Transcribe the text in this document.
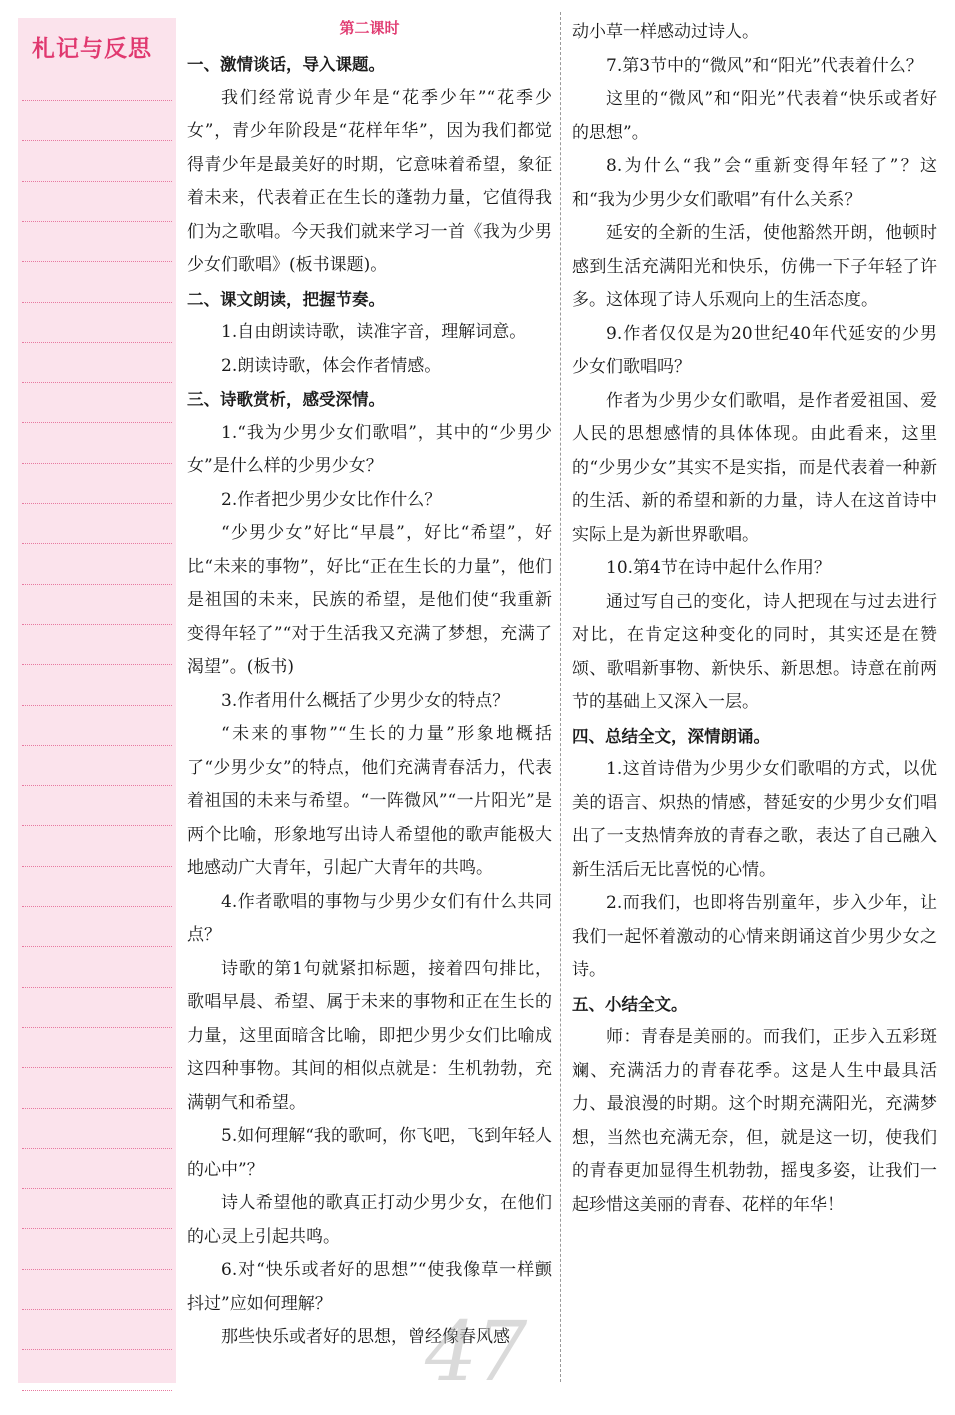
札记与反思

第二课时

一、激情谈话，导入课题。

我们经常说青少年是“花季少年”“花季少女”，青少年阶段是“花样年华”，因为我们都觉得青少年是最美好的时期，它意味着希望，象征着未来，代表着正在生长的蓬勃力量，它值得我们为之歌唱。今天我们就来学习一首《我为少男少女们歌唱》(板书课题)。

二、课文朗读，把握节奏。

1.自由朗读诗歌，读准字音，理解词意。

2.朗读诗歌，体会作者情感。

三、诗歌赏析，感受深情。

1.“我为少男少女们歌唱”，其中的“少男少女”是什么样的少男少女？

2.作者把少男少女比作什么？

“少男少女”好比“早晨”，好比“希望”，好比“未来的事物”，好比“正在生长的力量”，他们是祖国的未来，民族的希望，是他们使“我重新变得年轻了”“对于生活我又充满了梦想，充满了渴望”。(板书)

3.作者用什么概括了少男少女的特点？

“未来的事物”“生长的力量”形象地概括了“少男少女”的特点，他们充满青春活力，代表着祖国的未来与希望。“一阵微风”“一片阳光”是两个比喻，形象地写出诗人希望他的歌声能极大地感动广大青年，引起广大青年的共鸣。

4.作者歌唱的事物与少男少女们有什么共同点？

诗歌的第1句就紧扣标题，接着四句排比，歌唱早晨、希望、属于未来的事物和正在生长的力量，这里面暗含比喻，即把少男少女们比喻成这四种事物。其间的相似点就是：生机勃勃，充满朝气和希望。

5.如何理解“我的歌呵，你飞吧，飞到年轻人的心中”？

诗人希望他的歌真正打动少男少女，在他们的心灵上引起共鸣。

6.对“快乐或者好的思想”“使我像草一样颤抖过”应如何理解？

那些快乐或者好的思想，曾经像春风感

动小草一样感动过诗人。

7.第3节中的“微风”和“阳光”代表着什么？

这里的“微风”和“阳光”代表着“快乐或者好的思想”。

8.为什么“我”会“重新变得年轻了”？这和“我为少男少女们歌唱”有什么关系？

延安的全新的生活，使他豁然开朗，他顿时感到生活充满阳光和快乐，仿佛一下子年轻了许多。这体现了诗人乐观向上的生活态度。

9.作者仅仅是为20世纪40年代延安的少男少女们歌唱吗？

作者为少男少女们歌唱，是作者爱祖国、爱人民的思想感情的具体体现。由此看来，这里的“少男少女”其实不是实指，而是代表着一种新的生活、新的希望和新的力量，诗人在这首诗中实际上是为新世界歌唱。

10.第4节在诗中起什么作用？

通过写自己的变化，诗人把现在与过去进行对比，在肯定这种变化的同时，其实还是在赞颂、歌唱新事物、新快乐、新思想。诗意在前两节的基础上又深入一层。

四、总结全文，深情朗诵。

1.这首诗借为少男少女们歌唱的方式，以优美的语言、炽热的情感，替延安的少男少女们唱出了一支热情奔放的青春之歌，表达了自己融入新生活后无比喜悦的心情。

2.而我们，也即将告别童年，步入少年，让我们一起怀着激动的心情来朗诵这首少男少女之诗。

五、小结全文。

师：青春是美丽的。而我们，正步入五彩斑斓、充满活力的青春花季。这是人生中最具活力、最浪漫的时期。这个时期充满阳光，充满梦想，当然也充满无奈，但，就是这一切，使我们的青春更加显得生机勃勃，摇曳多姿，让我们一起珍惜这美丽的青春、花样的年华！

47
